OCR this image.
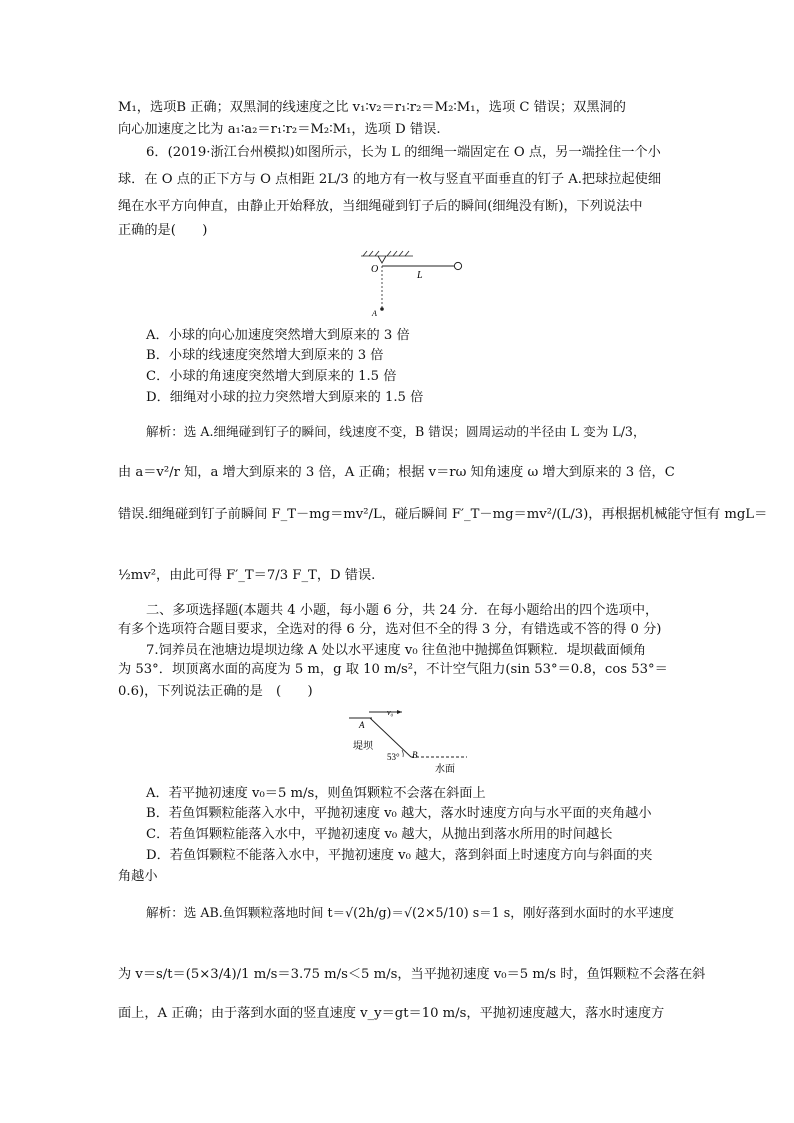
M₁，选项B 正确；双黑洞的线速度之比 v₁∶v₂＝r₁∶r₂＝M₂∶M₁，选项 C 错误；双黑洞的
向心加速度之比为 a₁∶a₂＝r₁∶r₂＝M₂∶M₁，选项 D 错误.
6．(2019·浙江台州模拟)如图所示，长为 L 的细绳一端固定在 O 点，另一端拴住一个小
球．在 O 点的正下方与 O 点相距 2L/3 的地方有一枚与竖直平面垂直的钉子 A.把球拉起使细
绳在水平方向伸直，由静止开始释放，当细绳碰到钉子后的瞬间(细绳没有断)，下列说法中
正确的是(　　)
O
L
A
A．小球的向心加速度突然增大到原来的 3 倍
B．小球的线速度突然增大到原来的 3 倍
C．小球的角速度突然增大到原来的 1.5 倍
D．细绳对小球的拉力突然增大到原来的 1.5 倍
解析：选 A.细绳碰到钉子的瞬间，线速度不变，B 错误；圆周运动的半径由 L 变为 L/3，
由 a＝v²/r 知，a 增大到原来的 3 倍，A 正确；根据 v＝rω 知角速度 ω 增大到原来的 3 倍，C
错误.细绳碰到钉子前瞬间 F_T－mg＝mv²/L，碰后瞬间 F′_T－mg＝mv²/(L/3)，再根据机械能守恒有 mgL＝
½mv²，由此可得 F′_T＝7/3 F_T，D 错误.
二、多项选择题(本题共 4 小题，每小题 6 分，共 24 分．在每小题给出的四个选项中，
有多个选项符合题目要求，全选对的得 6 分，选对但不全的得 3 分，有错选或不答的得 0 分)
7.饲养员在池塘边堤坝边缘 A 处以水平速度 v₀ 往鱼池中抛掷鱼饵颗粒．堤坝截面倾角
为 53°．坝顶离水面的高度为 5 m，g 取 10 m/s²，不计空气阻力(sin 53°＝0.8，cos 53°＝
0.6)，下列说法正确的是　(　　)
v₀
A
堤坝
53° B
水面
A．若平抛初速度 v₀＝5 m/s，则鱼饵颗粒不会落在斜面上
B．若鱼饵颗粒能落入水中，平抛初速度 v₀ 越大，落水时速度方向与水平面的夹角越小
C．若鱼饵颗粒能落入水中，平抛初速度 v₀ 越大，从抛出到落水所用的时间越长
D．若鱼饵颗粒不能落入水中，平抛初速度 v₀ 越大，落到斜面上时速度方向与斜面的夹
角越小
解析：选 AB.鱼饵颗粒落地时间 t＝√(2h/g)＝√(2×5/10) s＝1 s，刚好落到水面时的水平速度
为 v＝s/t＝(5×3/4)/1 m/s＝3.75 m/s＜5 m/s，当平抛初速度 v₀＝5 m/s 时，鱼饵颗粒不会落在斜
面上，A 正确；由于落到水面的竖直速度 v_y＝gt＝10 m/s，平抛初速度越大，落水时速度方
